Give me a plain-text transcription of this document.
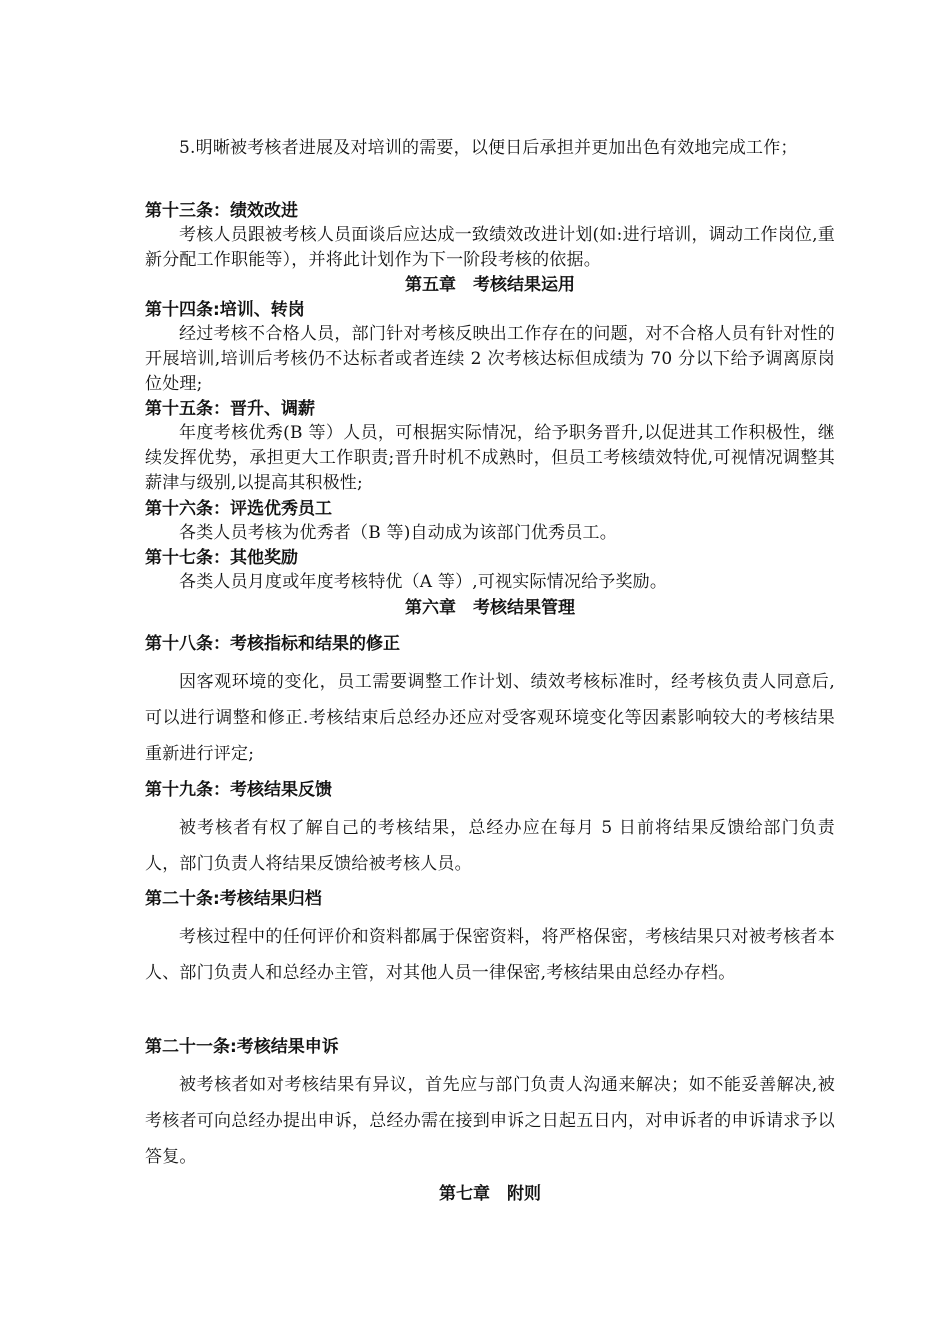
5.明晰被考核者进展及对培训的需要，以便日后承担并更加出色有效地完成工作；

第十三条：绩效改进

考核人员跟被考核人员面谈后应达成一致绩效改进计划(如:进行培训，调动工作岗位,重新分配工作职能等），并将此计划作为下一阶段考核的依据。

第五章　考核结果运用

第十四条:培训、转岗

经过考核不合格人员，部门针对考核反映出工作存在的问题，对不合格人员有针对性的开展培训,培训后考核仍不达标者或者连续 2 次考核达标但成绩为 70 分以下给予调离原岗位处理;

第十五条：晋升、调薪

年度考核优秀(B 等）人员，可根据实际情况，给予职务晋升,以促进其工作积极性，继续发挥优势，承担更大工作职责;晋升时机不成熟时，但员工考核绩效特优,可视情况调整其薪津与级别,以提高其积极性;

第十六条：评选优秀员工

各类人员考核为优秀者（B 等)自动成为该部门优秀员工。

第十七条：其他奖励

各类人员月度或年度考核特优（A 等）,可视实际情况给予奖励。

第六章　考核结果管理

第十八条：考核指标和结果的修正

因客观环境的变化，员工需要调整工作计划、绩效考核标准时，经考核负责人同意后,可以进行调整和修正.考核结束后总经办还应对受客观环境变化等因素影响较大的考核结果重新进行评定;

第十九条：考核结果反馈

被考核者有权了解自己的考核结果，总经办应在每月 5 日前将结果反馈给部门负责人，部门负责人将结果反馈给被考核人员。

第二十条:考核结果归档

考核过程中的任何评价和资料都属于保密资料，将严格保密，考核结果只对被考核者本人、部门负责人和总经办主管，对其他人员一律保密,考核结果由总经办存档。

第二十一条:考核结果申诉

被考核者如对考核结果有异议，首先应与部门负责人沟通来解决；如不能妥善解决,被考核者可向总经办提出申诉，总经办需在接到申诉之日起五日内，对申诉者的申诉请求予以答复。

第七章　附则
